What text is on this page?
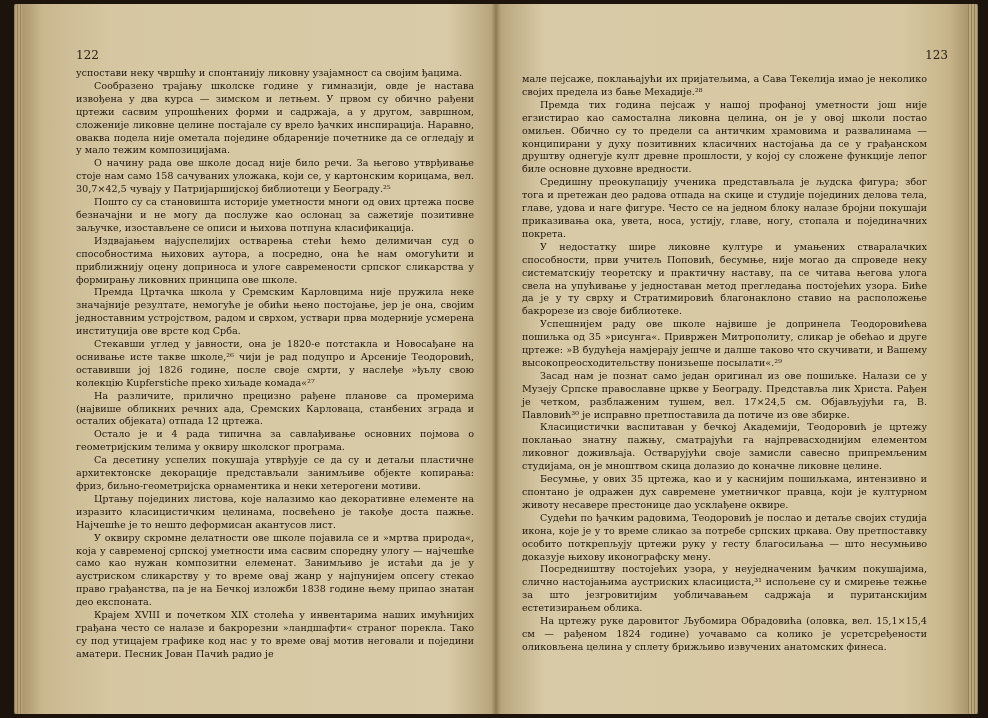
122

успостави неку чвршћу и спонтанију ликовну узајамност са својим ђацима.

Сообразено трајању школске године у гимназији, овде је настава извођена у два курса — зимском и летњем. У првом су обично рађени цртежи сасвим упрошћених форми и садржаја, а у другом, завршном, сложеније ликовне целине постајале су врело ђачких инспирација. Наравно, оваква подела није ометала поједине обдареније почетнике да се огледају и у мало тежим композицијама.

О начину рада ове школе досад није било речи. За његово утврђивање стоје нам само 158 сачуваних уложака, који се, у картонским корицама, вел. 30,7×42,5 чувају у Патријаршијској библиотеци у Београду.²⁵

Пошто су са становишта историје уметности многи од ових цртежа посве безначајни и не могу да послуже као ослонац за сажетије позитивне заључке, изостављене се описи и њихова потпуна класификација.

Издвајањем најуспелијих остварења стећи ћемо делимичан суд о способностима њихових аутора, а посредно, она ће нам омогућити и приближнију оцену доприноса и улоге савремености српског сликарства у формирању ликовних принципа ове школе.

Премда Цртачка школа у Сремским Карловцима није пружила неке значајније резултате, немогуће је обићи њено постојање, јер је она, својим једноставним устројством, радом и сврхом, уствари прва модерније усмерена институција ове врсте код Срба.

Стекавши углед у јавности, она је 1820-е потстакла и Новосађане на оснивање исте такве школе,²⁶ чији је рад подупро и Арсеније Теодоровић, оставивши јој 1826 године, после своје смрти, у наслеђе »ђълу свою колекцію Kupferstiche преко хиљаде комада«²⁷

На различите, прилично прецизно рађене планове са промерима (највише обликних речних ада, Сремских Карловаца, станбених зграда и осталих објеката) отпада 12 цртежа.

Остало је и 4 рада типична за савлађивање основних појмова о геометријским телима у оквиру школског програма.

Са десетину успелих покушаја утврђује се да су и детаљи пластичне архитектонске декорације представљали занимљиве објекте копирања: фриз, биљно-геометријска орнаментика и неки хетерогени мотиви.

Цртању појединих листова, које налазимо као декоративне елементе на изразито класицистичким целинама, посвећено је такође доста пажње. Најчешће је то нешто деформисан акантусов лист.

У оквиру скромне делатности ове школе појавила се и »мртва природа«, која у савременој српској уметности има сасвим споредну улогу — најчешће само као нужан композитни елеменат. Занимљиво је истаћи да је у аустриском сликарству у то време овај жанр у најпунијем опсегу стекао право грађанства, па је на Бечкој изложби 1838 године њему припао знатан део експоната.

Крајем XVIII и почетком XIX столећа у инвентарима наших имућнијих грађана често се налазе и бакрорезни »ландшафти« страног порекла. Тако су под утицајем графике код нас у то време овај мотив неговали и поједини аматери. Песник Јован Пачић радио је

123

мале пејсаже, поклањајући их пријатељима, а Сава Текелија имао је неколико својих предела из бање Мехадије.²⁸

Премда тих година пејсаж у нашој профаној уметности још није егзистирао као самостална ликовна целина, он је у овој школи постао омиљен. Обично су то предели са античким храмовима и развалинама — конципирани у духу позитивних класичних настојања да се у грађанском друштву однегује култ древне прошлости, у којој су сложене функције лепог биле основне духовне вредности.

Средишну преокупацију ученика представљала је људска фигура; због тога и претежан део радова отпада на скице и студије појединих делова тела, главе, удова и наге фигуре. Често се на једном блоку налазе бројни покушаји приказивања ока, увета, носа, устију, главе, ногу, стопала и појединачних покрета.

У недостатку шире ликовне културе и умањених стваралачких способности, први учитељ Поповић, бесумње, није могао да спроведе неку систематскију теоретску и практичну наставу, па се читава његова улога свела на упућивање у једноставан метод прегледања постојећих узора. Биће да је у ту сврху и Стратимировић благонаклоно ставио на расположење бакрорезе из своје библиотеке.

Успешнијем раду ове школе највише је допринела Теодоровићева пошиљка од 35 »рисунга«. Привржен Митрополиту, сликар је обећао и друге цртеже: »В будућеја намјерају јешче и далше таково что скучивати, и Вашему высокопреосходительству понизьеше посылати«.²⁹

Засад нам је познат само један оригинал из ове пошиљке. Налази се у Музеју Српске православне цркве у Београду. Представља лик Христа. Рађен је четком, разблаженим тушем, вел. 17×24,5 см. Објављујући га, В. Павловић³⁰ је исправно претпоставила да потиче из ове збирке.

Класицистички васпитаван у бечкој Академији, Теодоровић је цртежу поклањао знатну пажњу, сматрајући га најпревасходнијим елементом ликовног доживљаја. Остварујући своје замисли савесно припремљеним студијама, он је мноштвом скица долазио до коначне ликовне целине.

Бесумње, у ових 35 цртежа, као и у каснијим пошиљкама, интензивно и спонтано је одражен дух савремене уметничког правца, који је културном животу несавере престонице дао усклађене оквире.

Судећи по ђачким радовима, Теодоровић је послао и детаље својих студија икона, које је у то време сликао за потребе српских цркава. Ову претпоставку особито поткрепљују цртежи руку у гесту благосиљања — што несумњиво доказује њихову иконографску мену.

Посредништву постојећих узора, у неуједначеним ђачким покушајима, слично настојањима аустриских класициста,³¹ испољене су и смирење тежње за што језгровитијим уобличавањем садржаја и пуританскијим естетизирањем облика.

На цртежу руке даровитог Љубомира Обрадовића (оловка, вел. 15,1×15,4 см — рађеном 1824 године) уочавамо са колико је усретсређености оликовљена целина у сплету брижљиво извучених анатомских финеса.
